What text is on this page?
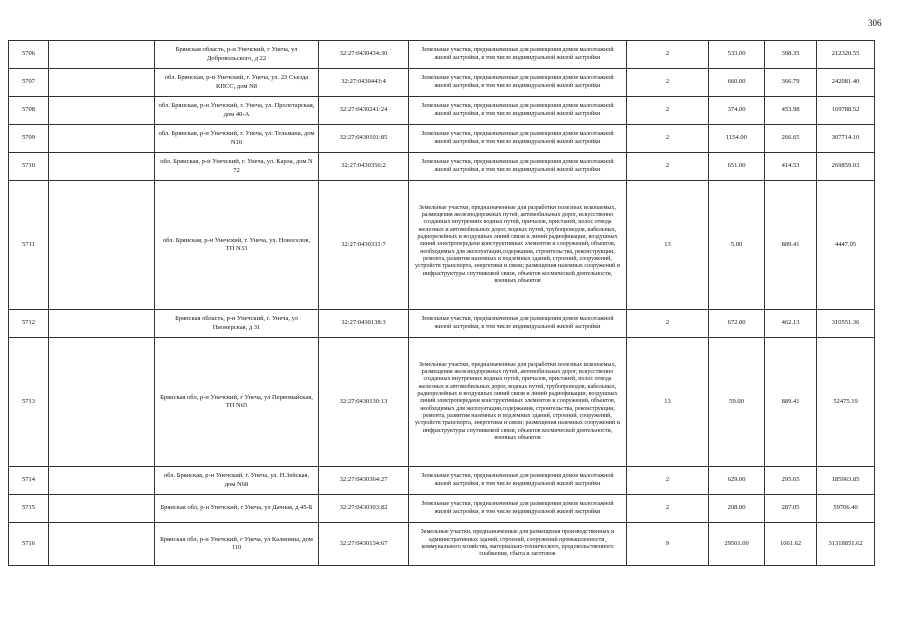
306
5706		Брянская область, р-н Унечский, г Унеча, ул Добровольского, д 22	32:27:0430434:30	Земельные участки, предназначенные для размещения домов малоэтажной жилой застройки, в том числе индивидуальной жилой застройки	2	533.00	398.35	212320.55
5707		обл. Брянская, р-н Унечский, г. Унеча, ул. 23 Съезда КПСС, дом N8	32:27:0430443:4	Земельные участки, предназначенные для размещения домов малоэтажной жилой застройки, в том числе индивидуальной жилой застройки	2	660.00	366.79	242081.40
5708		обл. Брянская, р-н Унечский, г. Унеча, ул. Пролетарская, дом 40-А	32:27:0430241:24	Земельные участки, предназначенные для размещения домов малоэтажной жилой застройки, в том числе индивидуальной жилой застройки	2	374.00	453.98	169788.52
5709		обл. Брянская, р-н Унечский, г. Унеча, ул. Тельмана, дом N10	32:27:0430101:85	Земельные участки, предназначенные для размещения домов малоэтажной жилой застройки, в том числе индивидуальной жилой застройки	2	1154.00	266.65	307714.10
5710		обл. Брянская, р-н Унечский, г. Унеча, ул. Карла, дом N 72	32:27:0430356:2	Земельные участки, предназначенные для размещения домов малоэтажной жилой застройки, в том числе индивидуальной жилой застройки	2	651.00	414.53	269859.03
5711		обл. Брянская, р-н Унечский, г. Унеча, ул. Новоселов, ТП N33	32:27:0430331:7	Земельные участки, предназначенные для разработки полезных ископаемых, размещения железнодорожных путей, автомобильных дорог, искусственно созданных внутренних водных путей, причалов, пристаней, полос отвода железных и автомобильных дорог, водных путей, трубопроводов, кабельных, радиорелейных и воздушных линий связи и линий радиофикации, воздушных линий электропередачи конструктивных элементов и сооружений, объектов, необходимых для эксплуатации,содержания, строительства, реконструкции, ремонта, развития наземных и подземных зданий, строений, сооружений, устройств транспорта, энергетики и связи; размещения наземных сооружений и инфраструктуры спутниковой связи, объектов космической деятельности, военных объектов	13	5.00	889.41	4447.05
5712		Брянская область, р-н Унечский, г. Унеча, ул Пионерская, д 31	32:27:0430138:3	Земельные участки, предназначенные для размещения домов малоэтажной жилой застройки, в том числе индивидуальной жилой застройки	2	672.00	462.13	310551.36
5713		Брянская обл, р-н Унечский, г Унеча, ул Первомайская, ТП N65	32:27:0430130:13	Земельные участки, предназначенные для разработки полезных ископаемых, размещения железнодорожных путей, автомобильных дорог, искусственно созданных внутренних водных путей, причалов, пристаней, полос отвода железных и автомобильных дорог, водных путей, трубопроводов, кабельных, радиорелейных и воздушных линий связи и линий радиофикации, воздушных линий электропередачи конструктивных элементов и сооружений, объектов, необходимых для эксплуатации,содержания, строительства, реконструкции, ремонта, развития наземных и подземных зданий, строений, сооружений, устройств транспорта, энергетики и связи; размещения наземных сооружений и инфраструктуры спутниковой связи, объектов космической деятельности, военных объектов	13	59.00	889.41	52475.19
5714		обл. Брянская, р-н Унечский, г. Унеча, ул. Н.Зейская, дом N68	32:27:0430364:27	Земельные участки, предназначенные для размещения домов малоэтажной жилой застройки, в том числе индивидуальной жилой застройки	2	629.00	295.65	185963.85
5715		Брянская обл, р-н Унечский, г Унеча, ул Дачная, д 45-Б	32:27:0430303:82	Земельные участки, предназначенные для размещения домов малоэтажной жилой застройки, в том числе индивидуальной жилой застройки	2	208.00	287.05	59706.40
5716		Брянская обл, р-н Унечский, г Унеча, ул Калинина, дом 110	32:27:0430134:67	Земельные участки, предназначенные для размещения производственных и административных зданий, строений, сооружений промышленности, коммунального хозяйства, материально-технического, продовольственного снабжения, сбыта и заготовок	9	29501.00	1061.62	31318851.62
